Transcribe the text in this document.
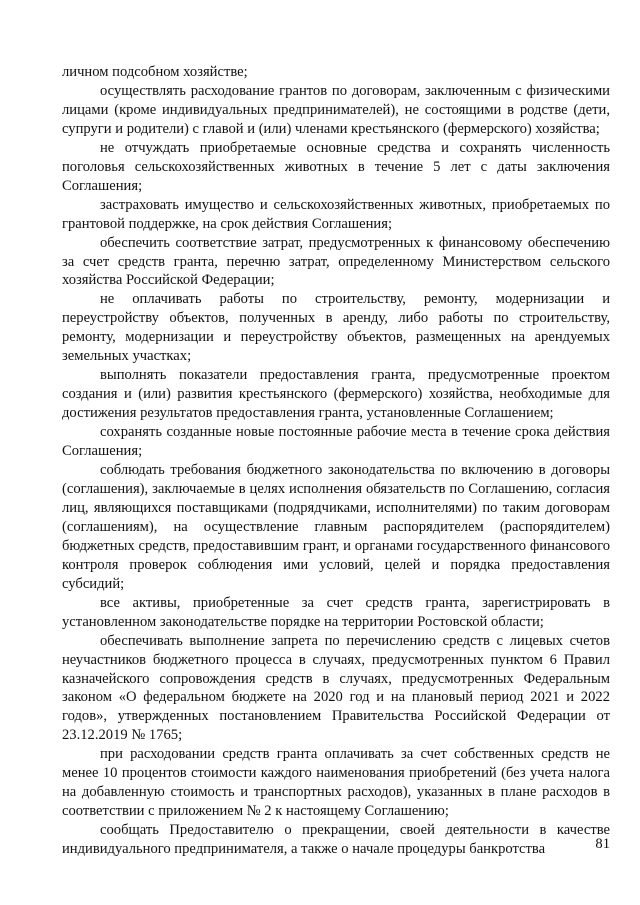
личном подсобном хозяйстве;

осуществлять расходование грантов по договорам, заключенным с физическими лицами (кроме индивидуальных предпринимателей), не состоящими в родстве (дети, супруги и родители) с главой и (или) членами крестьянского (фермерского) хозяйства;

не отчуждать приобретаемые основные средства и сохранять численность поголовья сельскохозяйственных животных в течение 5 лет с даты заключения Соглашения;

застраховать имущество и сельскохозяйственных животных, приобретаемых по грантовой поддержке, на срок действия Соглашения;

обеспечить соответствие затрат, предусмотренных к финансовому обеспечению за счет средств гранта, перечню затрат, определенному Министерством сельского хозяйства Российской Федерации;

не оплачивать работы по строительству, ремонту, модернизации и переустройству объектов, полученных в аренду, либо работы по строительству, ремонту, модернизации и переустройству объектов, размещенных на арендуемых земельных участках;

выполнять показатели предоставления гранта, предусмотренные проектом создания и (или) развития крестьянского (фермерского) хозяйства, необходимые для достижения результатов предоставления гранта, установленные Соглашением;

сохранять созданные новые постоянные рабочие места в течение срока действия Соглашения;

соблюдать требования бюджетного законодательства по включению в договоры (соглашения), заключаемые в целях исполнения обязательств по Соглашению, согласия лиц, являющихся поставщиками (подрядчиками, исполнителями) по таким договорам (соглашениям), на осуществление главным распорядителем (распорядителем) бюджетных средств, предоставившим грант, и органами государственного финансового контроля проверок соблюдения ими условий, целей и порядка предоставления субсидий;

все активы, приобретенные за счет средств гранта, зарегистрировать в установленном законодательстве порядке на территории Ростовской области;

обеспечивать выполнение запрета по перечислению средств с лицевых счетов неучастников бюджетного процесса в случаях, предусмотренных пунктом 6 Правил казначейского сопровождения средств в случаях, предусмотренных Федеральным законом «О федеральном бюджете на 2020 год и на плановый период 2021 и 2022 годов», утвержденных постановлением Правительства Российской Федерации от 23.12.2019 № 1765;

при расходовании средств гранта оплачивать за счет собственных средств не менее 10 процентов стоимости каждого наименования приобретений (без учета налога на добавленную стоимость и транспортных расходов), указанных в плане расходов в соответствии с приложением № 2 к настоящему Соглашению;

сообщать Предоставителю о прекращении, своей деятельности в качестве индивидуального предпринимателя, а также о начале процедуры банкротства	81
